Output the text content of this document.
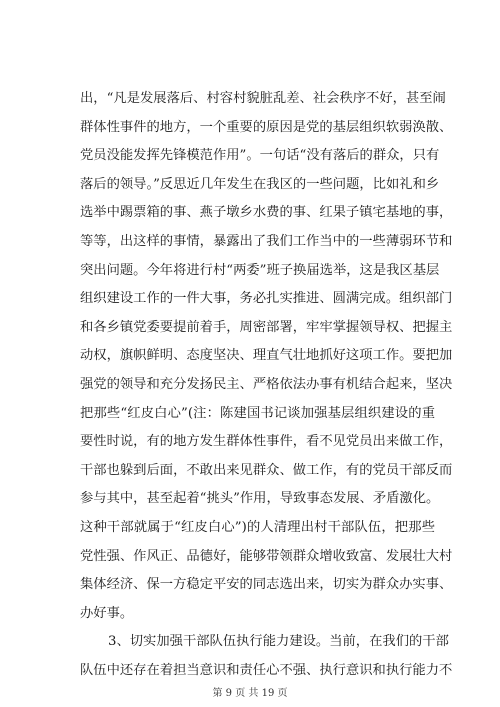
出，“凡是发展落后、村容村貌脏乱差、社会秩序不好，甚至闹
群体性事件的地方，一个重要的原因是党的基层组织软弱涣散、
党员没能发挥先锋模范作用”。一句话“没有落后的群众，只有
落后的领导。”反思近几年发生在我区的一些问题，比如礼和乡
选举中踢票箱的事、燕子墩乡水费的事、红果子镇宅基地的事，
等等，出这样的事情，暴露出了我们工作当中的一些薄弱环节和
突出问题。今年将进行村“两委”班子换届选举，这是我区基层
组织建设工作的一件大事，务必扎实推进、圆满完成。组织部门
和各乡镇党委要提前着手，周密部署，牢牢掌握领导权、把握主
动权，旗帜鲜明、态度坚决、理直气壮地抓好这项工作。要把加
强党的领导和充分发扬民主、严格依法办事有机结合起来，坚决
把那些“红皮白心”(注：陈建国书记谈加强基层组织建设的重
要性时说，有的地方发生群体性事件，看不见党员出来做工作，
干部也躲到后面，不敢出来见群众、做工作，有的党员干部反而
参与其中，甚至起着“挑头”作用，导致事态发展、矛盾激化。
这种干部就属于“红皮白心”)的人清理出村干部队伍，把那些
党性强、作风正、品德好，能够带领群众增收致富、发展壮大村
集体经济、保一方稳定平安的同志选出来，切实为群众办实事、
办好事。
3、切实加强干部队伍执行能力建设。当前，在我们的干部
队伍中还存在着担当意识和责任心不强、执行意识和执行能力不
第 9 页 共 19 页
